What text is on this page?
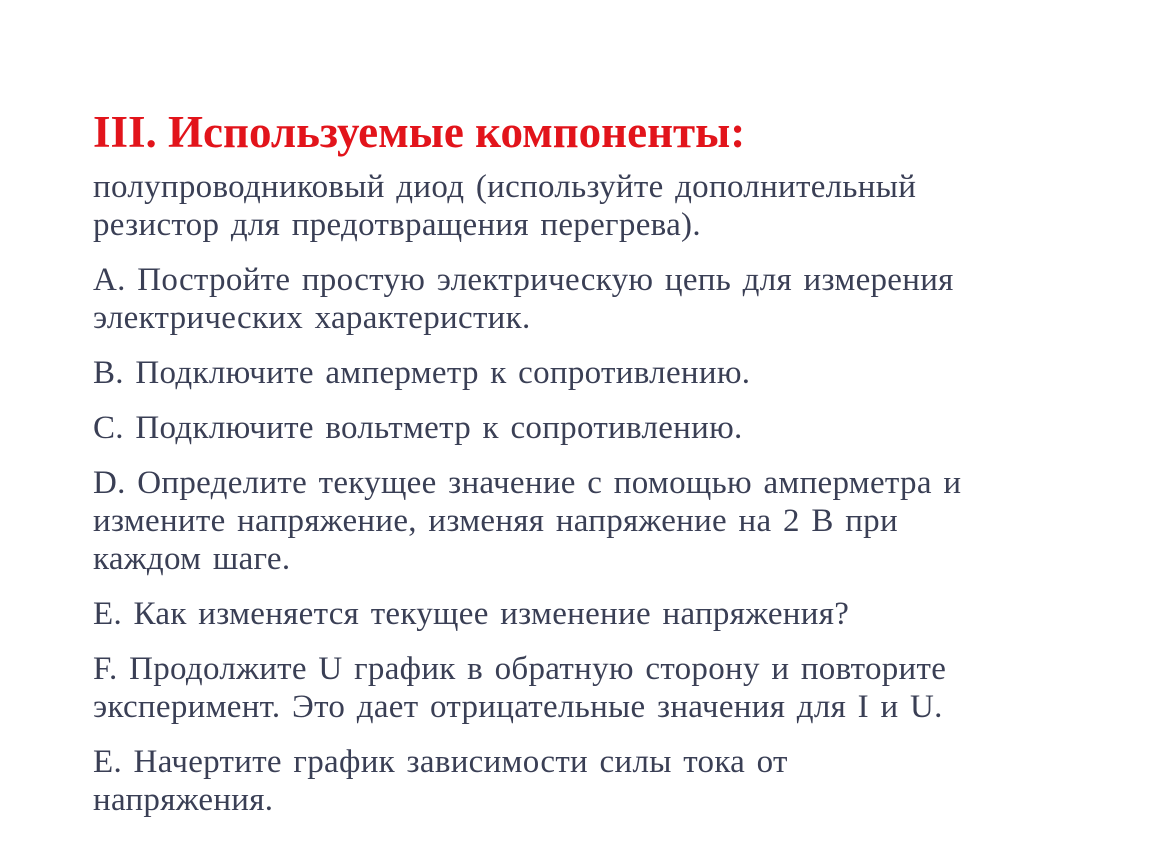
III. Используемые компоненты:

полупроводниковый диод (используйте дополнительный
резистор для предотвращения перегрева).

A. Постройте простую электрическую цепь для измерения
электрических характеристик.

B. Подключите амперметр к сопротивлению.

C. Подключите вольтметр к сопротивлению.

D. Определите текущее значение с помощью амперметра и
измените напряжение, изменяя напряжение на 2 В при
каждом шаге.

E. Как изменяется текущее изменение напряжения?

F. Продолжите U график в обратную сторону и повторите
эксперимент. Это дает отрицательные значения для I и U.

E. Начертите график зависимости силы тока от
напряжения.
